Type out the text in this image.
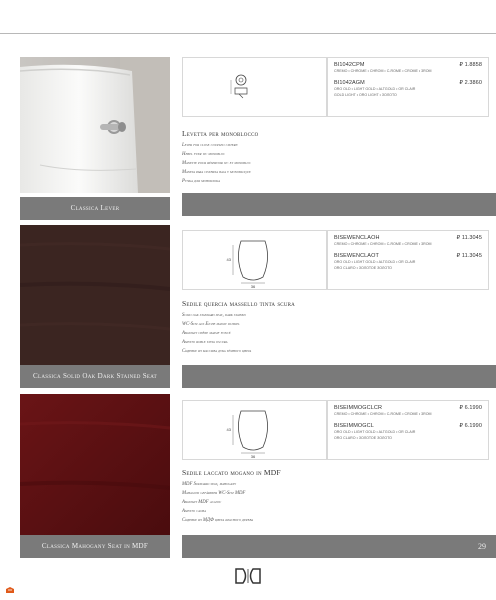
Classica Lever
BI1042CPM	₽ 1.8858
CREMO • CHROME • CHROM • C-ROME • CROME • 3ROM
BI1042AGM	₽ 2.3860
ORO OLD • LIGHT GOLD • ALTGOLD • OR CLAIR
GOLD LIGHT • ORO LIGHT • ЗОЛОТО
Levetta per monoblocco
Lever for close coupled cistern
Hebel fuer wc monobloc
Manette pour réservoir wc et monobloc
Maneta para cisterna baja y monobloque
Ручка для моноблока
Classica Solid Oak Dark Stained Seat
43
36
BISEWENCLAOH	₽ 11.3045
CREMO • CHROME • CHROM • C-ROME • CROME • 3ROM
BISEWENCLAOT	₽ 11.3045
ORO OLD • LIGHT GOLD • ALTGOLD • OR CLAIR
ORO CLARO • ЗОЛОТОЕ ЗОЛОТО
Sedile quercia massello tinta scura
Solid oak standard seat, dark stained
WC-Sitz aus Eiche massiv dunkel
Abattant chêne massif foncé
Asiento roble tinta oscura
Сиденье из массива дуба тёмного цвета
Classica Mahogany Seat in MDF	29
43
36
BISEIMMOGCLCR	₽ 6.1990
CREMO • CHROME • CHROM • C-ROME • CROME • 3ROM
BISEIMMOGCL	₽ 6.1990
ORO OLD • LIGHT GOLD • ALTGOLD • OR CLAIR
ORO CLARO • ЗОЛОТОЕ ЗОЛОТО
Sedile laccato mogano in MDF
MDF Standard seat, mahogany
Mahagoni gefärbter WC-Sitz MDF
Abattant MDF acajou
Asiento caoba
Сиденье из МДФ цвета красного дерева
